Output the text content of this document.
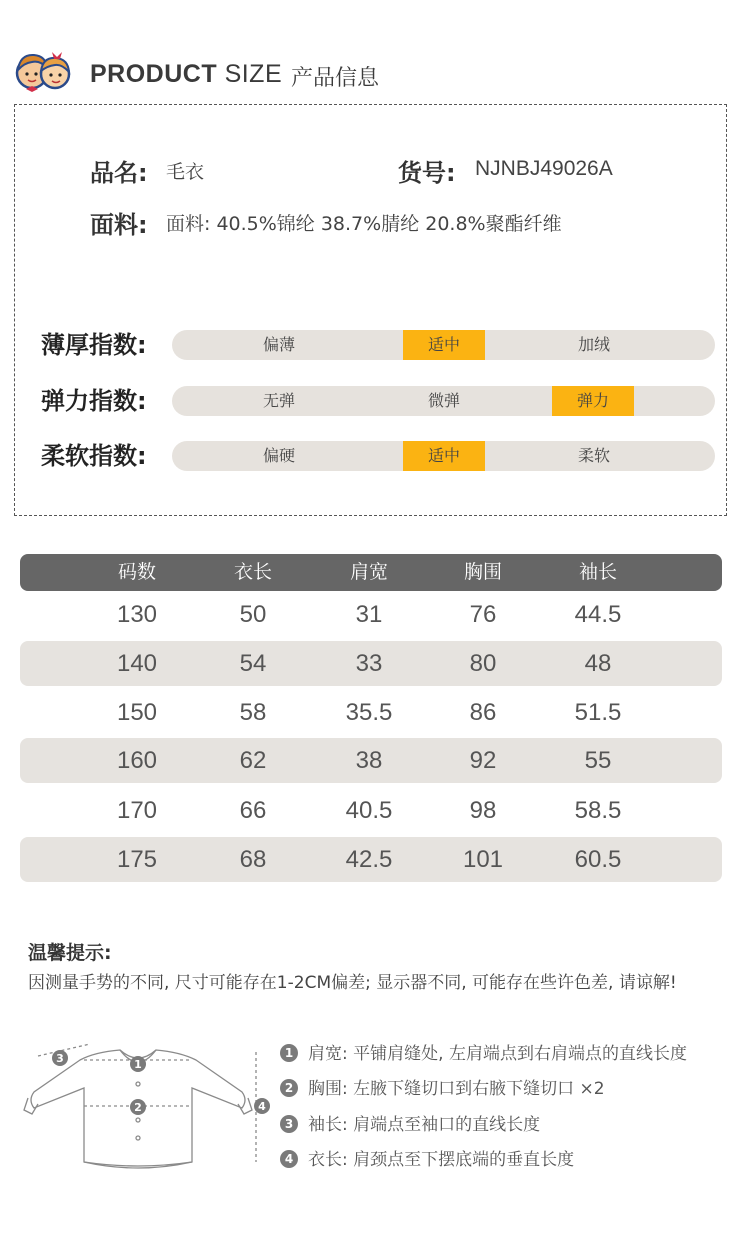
PRODUCT SIZE 产品信息
品名: 毛衣	货号: NJNBJ49026A
面料: 面料: 40.5%锦纶 38.7%腈纶 20.8%聚酯纤维
薄厚指数:	偏薄	适中	加绒
弹力指数:	无弹	微弹	弹力
柔软指数:	偏硬	适中	柔软
码数	衣长	肩宽	胸围	袖长
130	50	31	76	44.5
140	54	33	80	48
150	58	35.5	86	51.5
160	62	38	92	55
170	66	40.5	98	58.5
175	68	42.5	101	60.5
温馨提示:
因测量手势的不同, 尺寸可能存在1-2CM偏差; 显示器不同, 可能存在些许色差, 请谅解!
1
2
3
4
1 肩宽: 平铺肩缝处, 左肩端点到右肩端点的直线长度
2 胸围: 左腋下缝切口到右腋下缝切口 ×2
3 袖长: 肩端点至袖口的直线长度
4 衣长: 肩颈点至下摆底端的垂直长度
